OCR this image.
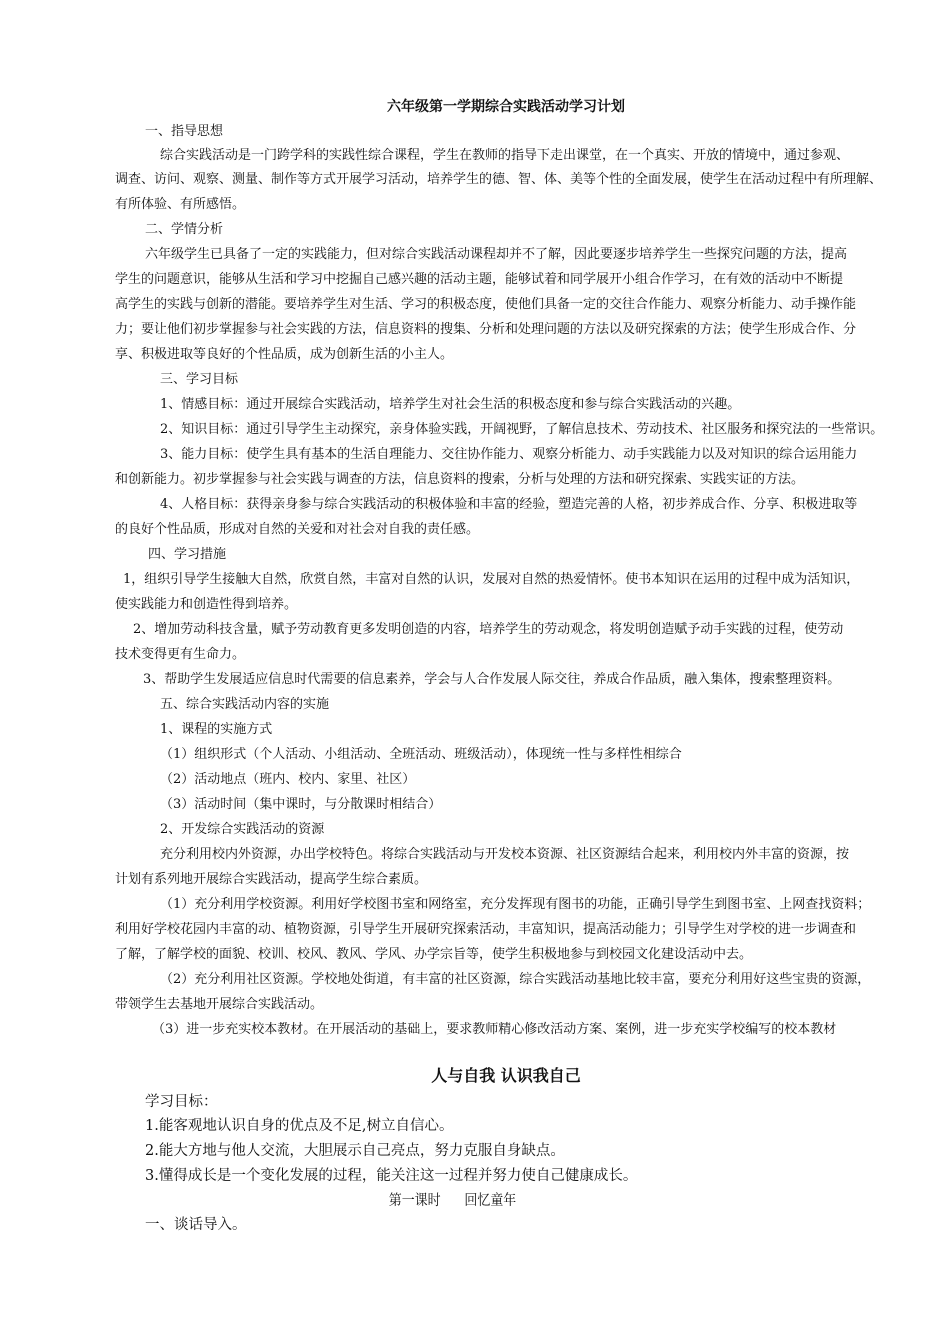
六年级第一学期综合实践活动学习计划
一、指导思想
综合实践活动是一门跨学科的实践性综合课程，学生在教师的指导下走出课堂，在一个真实、开放的情境中，通过参观、
调查、访问、观察、测量、制作等方式开展学习活动，培养学生的德、智、体、美等个性的全面发展，使学生在活动过程中有所理解、
有所体验、有所感悟。
二、学情分析
六年级学生已具备了一定的实践能力，但对综合实践活动课程却并不了解，因此要逐步培养学生一些探究问题的方法，提高
学生的问题意识，能够从生活和学习中挖掘自己感兴趣的活动主题，能够试着和同学展开小组合作学习，在有效的活动中不断提
高学生的实践与创新的潜能。要培养学生对生活、学习的积极态度，使他们具备一定的交往合作能力、观察分析能力、动手操作能
力；要让他们初步掌握参与社会实践的方法，信息资料的搜集、分析和处理问题的方法以及研究探索的方法；使学生形成合作、分
享、积极进取等良好的个性品质，成为创新生活的小主人。
三、学习目标
1、情感目标：通过开展综合实践活动，培养学生对社会生活的积极态度和参与综合实践活动的兴趣。
2、知识目标：通过引导学生主动探究，亲身体验实践，开阔视野，了解信息技术、劳动技术、社区服务和探究法的一些常识。
3、能力目标：使学生具有基本的生活自理能力、交往协作能力、观察分析能力、动手实践能力以及对知识的综合运用能力
和创新能力。初步掌握参与社会实践与调查的方法，信息资料的搜索，分析与处理的方法和研究探索、实践实证的方法。
4、人格目标：获得亲身参与综合实践活动的积极体验和丰富的经验，塑造完善的人格，初步养成合作、分享、积极进取等
的良好个性品质，形成对自然的关爱和对社会对自我的责任感。
四、学习措施
1，组织引导学生接触大自然，欣赏自然，丰富对自然的认识，发展对自然的热爱情怀。使书本知识在运用的过程中成为活知识，
使实践能力和创造性得到培养。
2、增加劳动科技含量，赋予劳动教育更多发明创造的内容，培养学生的劳动观念，将发明创造赋予动手实践的过程，使劳动
技术变得更有生命力。
3、帮助学生发展适应信息时代需要的信息素养，学会与人合作发展人际交往，养成合作品质，融入集体，搜索整理资料。
五、综合实践活动内容的实施
1、课程的实施方式
（1）组织形式（个人活动、小组活动、全班活动、班级活动），体现统一性与多样性相综合
（2）活动地点（班内、校内、家里、社区）
（3）活动时间（集中课时，与分散课时相结合）
2、开发综合实践活动的资源
充分利用校内外资源，办出学校特色。将综合实践活动与开发校本资源、社区资源结合起来，利用校内外丰富的资源，按
计划有系列地开展综合实践活动，提高学生综合素质。
（1）充分利用学校资源。利用好学校图书室和网络室，充分发挥现有图书的功能，正确引导学生到图书室、上网查找资料；
利用好学校花园内丰富的动、植物资源，引导学生开展研究探索活动，丰富知识，提高活动能力；引导学生对学校的进一步调查和
了解，了解学校的面貌、校训、校风、教风、学风、办学宗旨等，使学生积极地参与到校园文化建设活动中去。
（2）充分利用社区资源。学校地处街道，有丰富的社区资源，综合实践活动基地比较丰富，要充分利用好这些宝贵的资源，
带领学生去基地开展综合实践活动。
（3）进一步充实校本教材。在开展活动的基础上，要求教师精心修改活动方案、案例，进一步充实学校编写的校本教材
人与自我 认识我自己
学习目标：
1.能客观地认识自身的优点及不足,树立自信心。
2.能大方地与他人交流，大胆展示自己亮点，努力克服自身缺点。
3.懂得成长是一个变化发展的过程，能关注这一过程并努力使自己健康成长。
第一课时 回忆童年
一、谈话导入。
